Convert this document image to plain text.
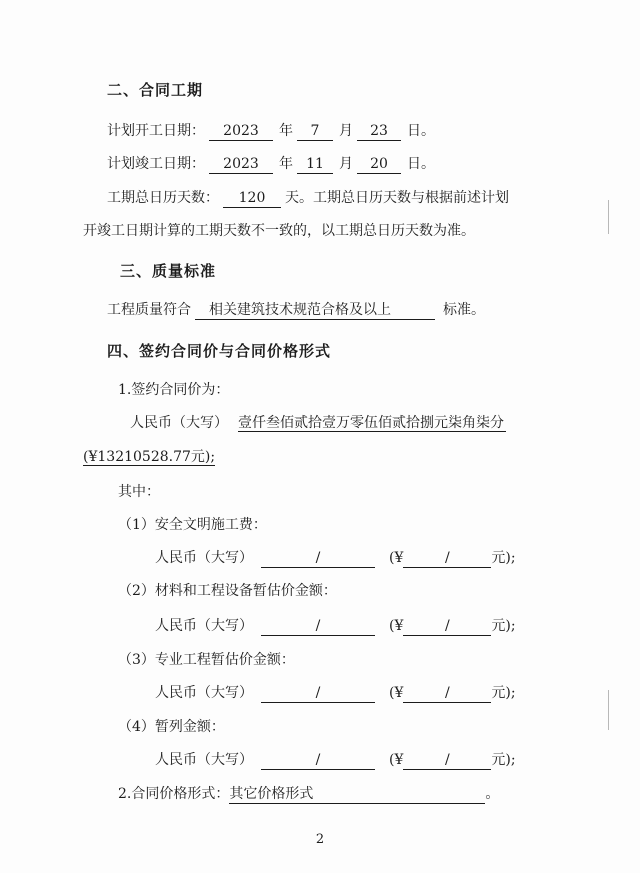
二、合同工期
计划开工日期： 2023 年 7 月 23 日。
计划竣工日期： 2023 年 11 月 20 日。
工期总日历天数： 120 天。工期总日历天数与根据前述计划
开竣工日期计算的工期天数不一致的，以工期总日历天数为准。
三、质量标准
工程质量符合 相关建筑技术规范合格及以上	标准。
四、签约合同价与合同价格形式
1.签约合同价为：
人民币（大写） 壹仟叁佰贰拾壹万零伍佰贰拾捌元柒角柒分
(¥13210528.77元);
其中：
（1）安全文明施工费：
人民币（大写）	/	(¥	/	元);
（2）材料和工程设备暂估价金额：
人民币（大写）	/	(¥	/	元);
（3）专业工程暂估价金额：
人民币（大写）	/	(¥	/	元);
（4）暂列金额：
人民币（大写）	/	(¥	/	元);
2.合同价格形式：其它价格形式	。
2
